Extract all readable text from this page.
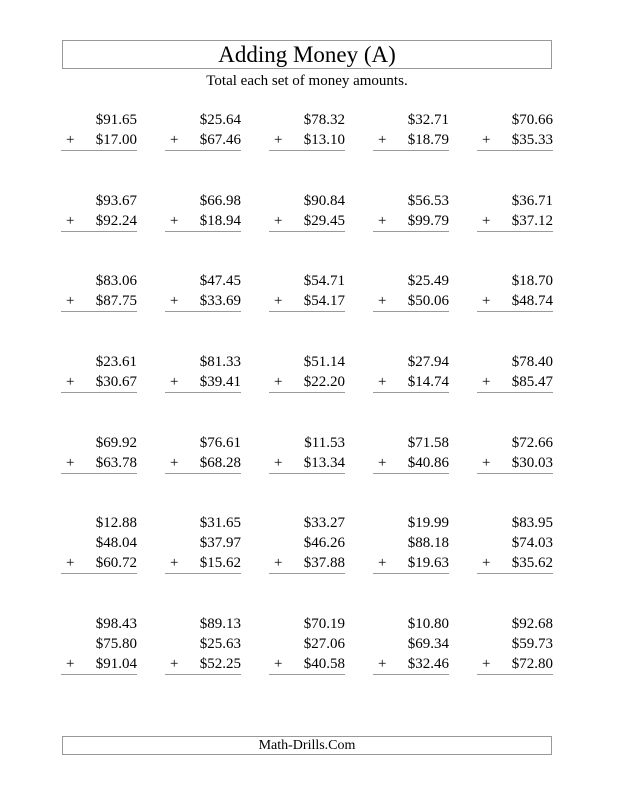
Adding Money (A)
Total each set of money amounts.
$91.65
+ $17.00
$25.64
+ $67.46
$78.32
+ $13.10
$32.71
+ $18.79
$70.66
+ $35.33
$93.67
+ $92.24
$66.98
+ $18.94
$90.84
+ $29.45
$56.53
+ $99.79
$36.71
+ $37.12
$83.06
+ $87.75
$47.45
+ $33.69
$54.71
+ $54.17
$25.49
+ $50.06
$18.70
+ $48.74
$23.61
+ $30.67
$81.33
+ $39.41
$51.14
+ $22.20
$27.94
+ $14.74
$78.40
+ $85.47
$69.92
+ $63.78
$76.61
+ $68.28
$11.53
+ $13.34
$71.58
+ $40.86
$72.66
+ $30.03
$12.88
$48.04
+ $60.72
$31.65
$37.97
+ $15.62
$33.27
$46.26
+ $37.88
$19.99
$88.18
+ $19.63
$83.95
$74.03
+ $35.62
$98.43
$75.80
+ $91.04
$89.13
$25.63
+ $52.25
$70.19
$27.06
+ $40.58
$10.80
$69.34
+ $32.46
$92.68
$59.73
+ $72.80
Math-Drills.Com
